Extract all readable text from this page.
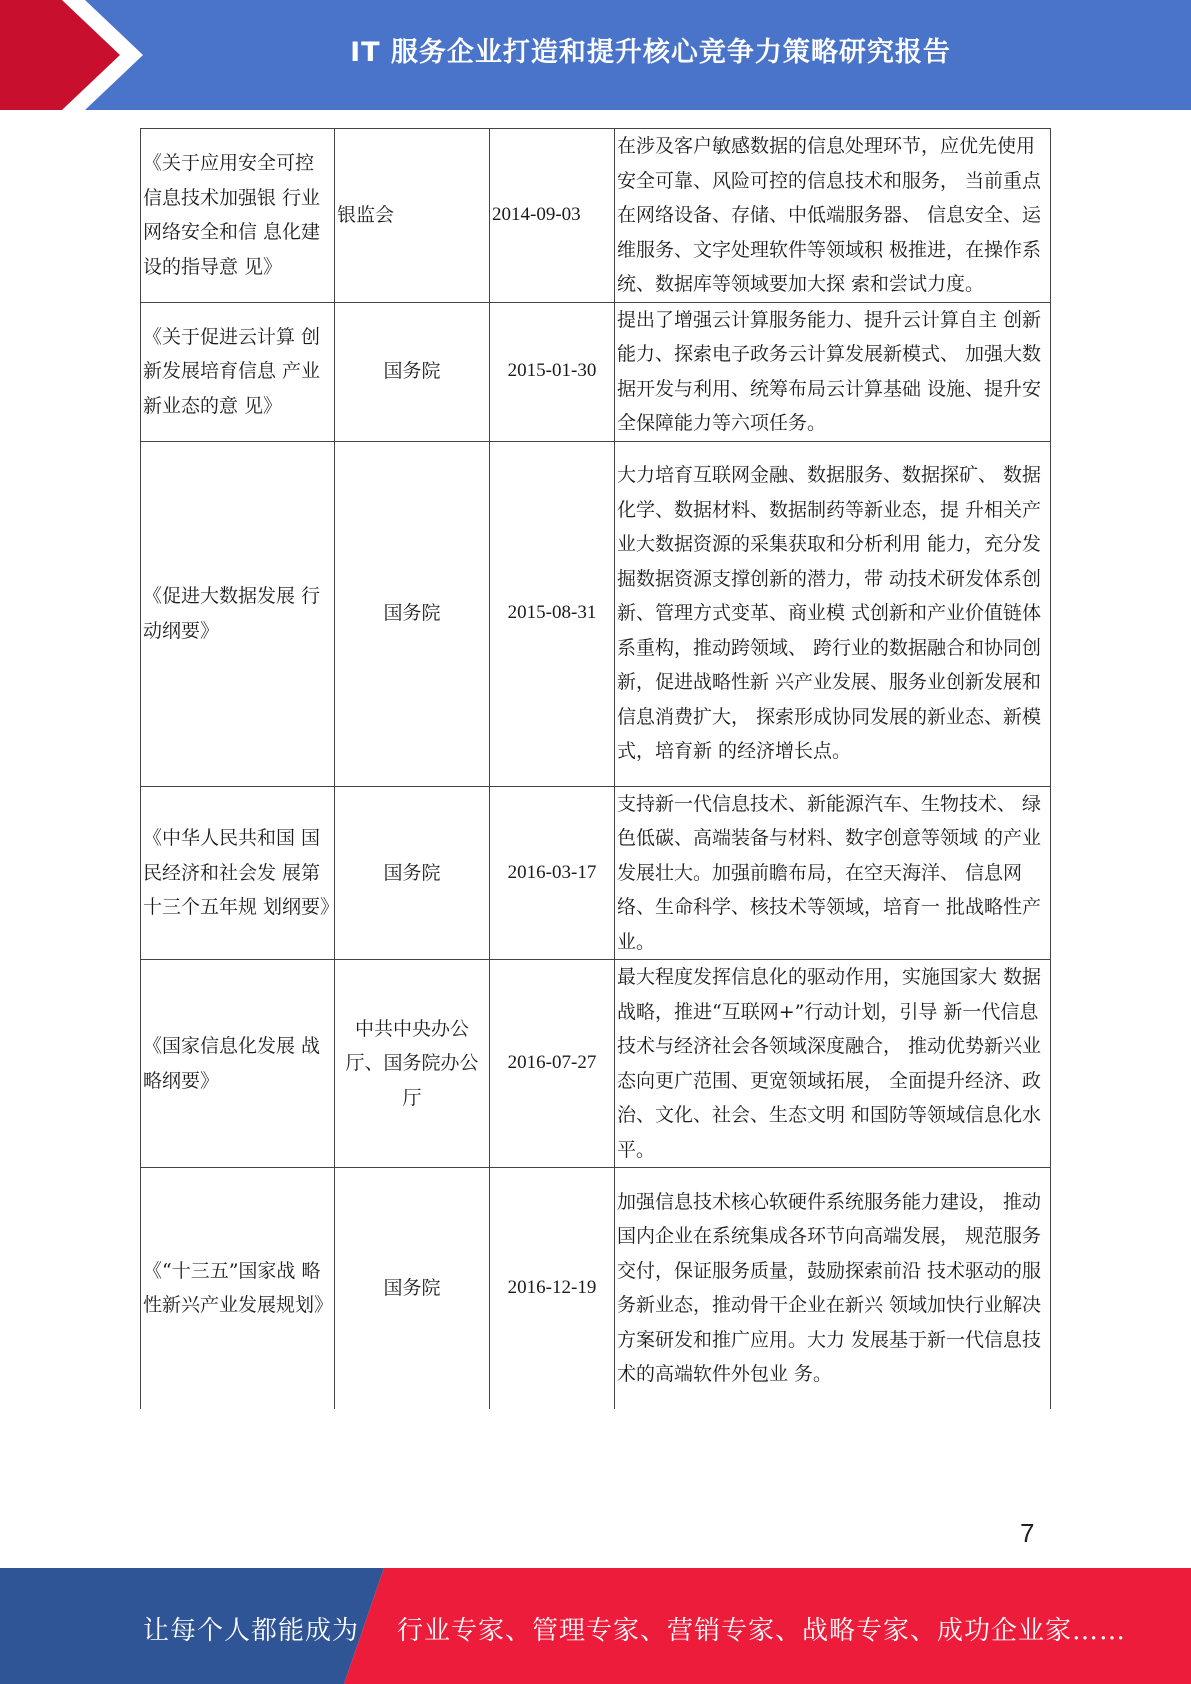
IT 服务企业打造和提升核心竞争力策略研究报告
《关于应用安全可控信息技术加强银 行业网络安全和信 息化建设的指导意 见》	银监会	2014-09-03	在涉及客户敏感数据的信息处理环节，应优先使用安全可靠、风险可控的信息技术和服务， 当前重点在网络设备、存储、中低端服务器、 信息安全、运维服务、文字处理软件等领域积 极推进，在操作系统、数据库等领域要加大探 索和尝试力度。
《关于促进云计算 创新发展培育信息 产业新业态的意 见》	国务院	2015-01-30	提出了增强云计算服务能力、提升云计算自主 创新能力、探索电子政务云计算发展新模式、 加强大数据开发与利用、统筹布局云计算基础 设施、提升安全保障能力等六项任务。
《促进大数据发展 行动纲要》	国务院	2015-08-31	大力培育互联网金融、数据服务、数据探矿、 数据化学、数据材料、数据制药等新业态，提 升相关产业大数据资源的采集获取和分析利用 能力，充分发掘数据资源支撑创新的潜力，带 动技术研发体系创新、管理方式变革、商业模 式创新和产业价值链体系重构，推动跨领域、 跨行业的数据融合和协同创新，促进战略性新 兴产业发展、服务业创新发展和信息消费扩大， 探索形成协同发展的新业态、新模式，培育新 的经济增长点。
《中华人民共和国 国民经济和社会发 展第十三个五年规 划纲要》	国务院	2016-03-17	支持新一代信息技术、新能源汽车、生物技术、 绿色低碳、高端装备与材料、数字创意等领域 的产业发展壮大。加强前瞻布局，在空天海洋、 信息网络、生命科学、核技术等领域，培育一 批战略性产业。
《国家信息化发展 战略纲要》	中共中央办公厅、国务院办公厅	2016-07-27	最大程度发挥信息化的驱动作用，实施国家大 数据战略，推进“互联网+”行动计划，引导 新一代信息技术与经济社会各领域深度融合， 推动优势新兴业态向更广范围、更宽领域拓展， 全面提升经济、政治、文化、社会、生态文明 和国防等领域信息化水平。
《“十三五”国家战 略性新兴产业发展规划》	国务院	2016-12-19	加强信息技术核心软硬件系统服务能力建设， 推动国内企业在系统集成各环节向高端发展， 规范服务交付，保证服务质量，鼓励探索前沿 技术驱动的服务新业态，推动骨干企业在新兴 领域加快行业解决方案研发和推广应用。大力 发展基于新一代信息技术的高端软件外包业 务。
7
让每个人都能成为 行业专家、管理专家、营销专家、战略专家、成功企业家……
